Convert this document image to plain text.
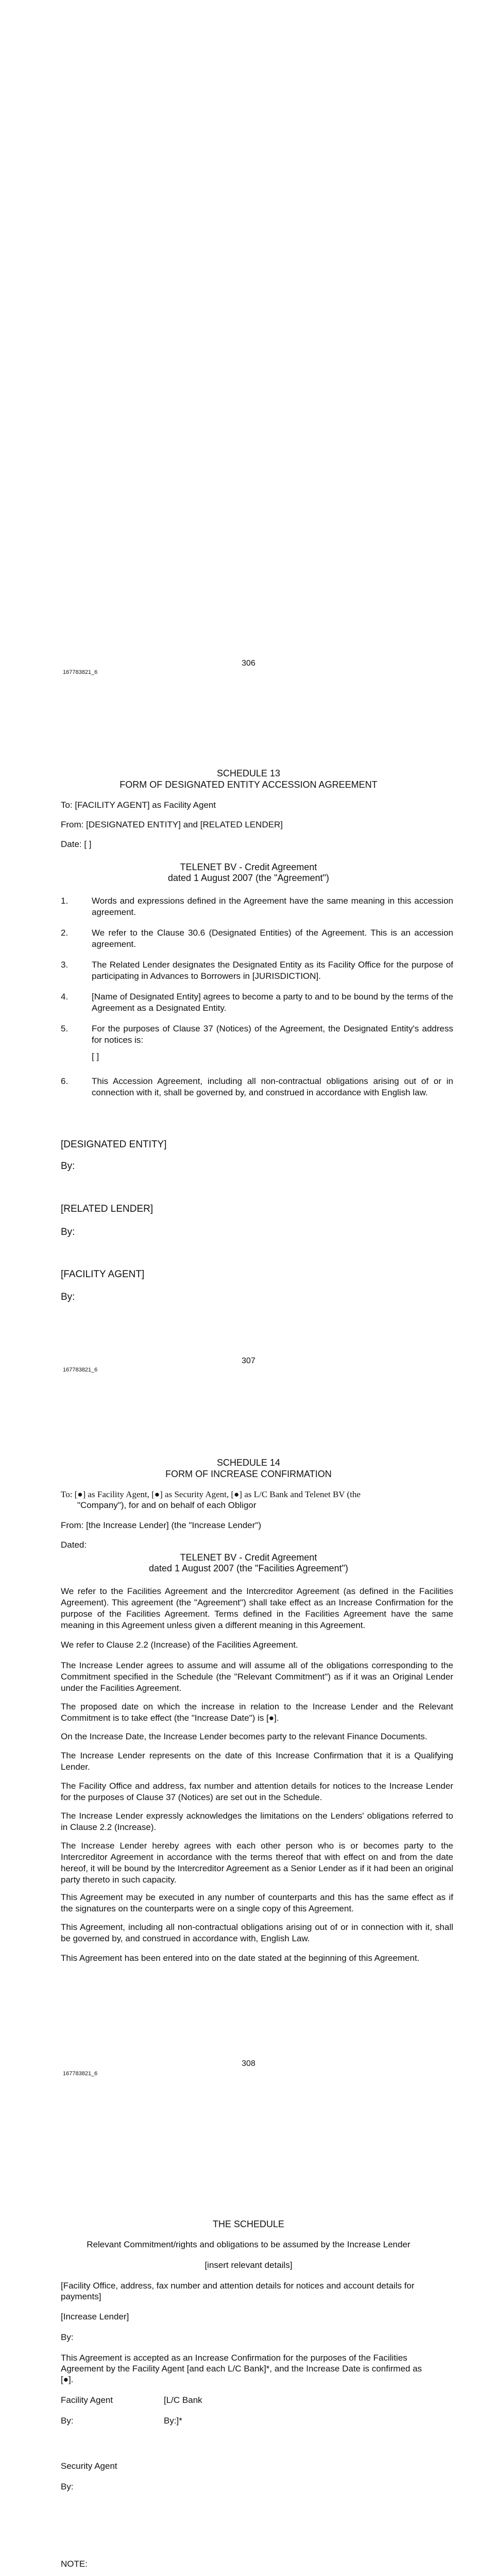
306
167783821_6
SCHEDULE 13
FORM OF DESIGNATED ENTITY ACCESSION AGREEMENT
To: [FACILITY AGENT] as Facility Agent
From: [DESIGNATED ENTITY] and [RELATED LENDER]
Date: [ ]
TELENET BV - Credit Agreement
dated 1 August 2007 (the "Agreement")
1.	Words and expressions defined in the Agreement have the same meaning in this accession agreement.
2.	We refer to the Clause 30.6 (Designated Entities) of the Agreement. This is an accession agreement.
3.	The Related Lender designates the Designated Entity as its Facility Office for the purpose of participating in Advances to Borrowers in [JURISDICTION].
4.	[Name of Designated Entity] agrees to become a party to and to be bound by the terms of the Agreement as a Designated Entity.
5.	For the purposes of Clause 37 (Notices) of the Agreement, the Designated Entity's address for notices is:
[ ]
6.	This Accession Agreement, including all non-contractual obligations arising out of or in connection with it, shall be governed by, and construed in accordance with English law.
[DESIGNATED ENTITY]
By:
[RELATED LENDER]
By:
[FACILITY AGENT]
By:
307
167783821_6
SCHEDULE 14
FORM OF INCREASE CONFIRMATION
To: [●] as Facility Agent, [●] as Security Agent, [●] as L/C Bank and Telenet BV (the
"Company"), for and on behalf of each Obligor
From: [the Increase Lender] (the "Increase Lender")
Dated:
TELENET BV - Credit Agreement
dated 1 August 2007 (the "Facilities Agreement")
We refer to the Facilities Agreement and the Intercreditor Agreement (as defined in the Facilities Agreement). This agreement (the "Agreement") shall take effect as an Increase Confirmation for the purpose of the Facilities Agreement. Terms defined in the Facilities Agreement have the same meaning in this Agreement unless given a different meaning in this Agreement.
We refer to Clause 2.2 (Increase) of the Facilities Agreement.
The Increase Lender agrees to assume and will assume all of the obligations corresponding to the Commitment specified in the Schedule (the "Relevant Commitment") as if it was an Original Lender under the Facilities Agreement.
The proposed date on which the increase in relation to the Increase Lender and the Relevant Commitment is to take effect (the "Increase Date") is [●].
On the Increase Date, the Increase Lender becomes party to the relevant Finance Documents.
The Increase Lender represents on the date of this Increase Confirmation that it is a Qualifying Lender.
The Facility Office and address, fax number and attention details for notices to the Increase Lender for the purposes of Clause 37 (Notices) are set out in the Schedule.
The Increase Lender expressly acknowledges the limitations on the Lenders' obligations referred to in Clause 2.2 (Increase).
The Increase Lender hereby agrees with each other person who is or becomes party to the Intercreditor Agreement in accordance with the terms thereof that with effect on and from the date hereof, it will be bound by the Intercreditor Agreement as a Senior Lender as if it had been an original party thereto in such capacity.
This Agreement may be executed in any number of counterparts and this has the same effect as if the signatures on the counterparts were on a single copy of this Agreement.
This Agreement, including all non-contractual obligations arising out of or in connection with it, shall be governed by, and construed in accordance with, English Law.
This Agreement has been entered into on the date stated at the beginning of this Agreement.
308
167783821_6
THE SCHEDULE
Relevant Commitment/rights and obligations to be assumed by the Increase Lender
[insert relevant details]
[Facility Office, address, fax number and attention details for notices and account details for
payments]
[Increase Lender]
By:
This Agreement is accepted as an Increase Confirmation for the purposes of the Facilities
Agreement by the Facility Agent [and each L/C Bank]*, and the Increase Date is confirmed as
[●].
Facility Agent	[L/C Bank
By:	By:]*
Security Agent
By:
NOTE:
